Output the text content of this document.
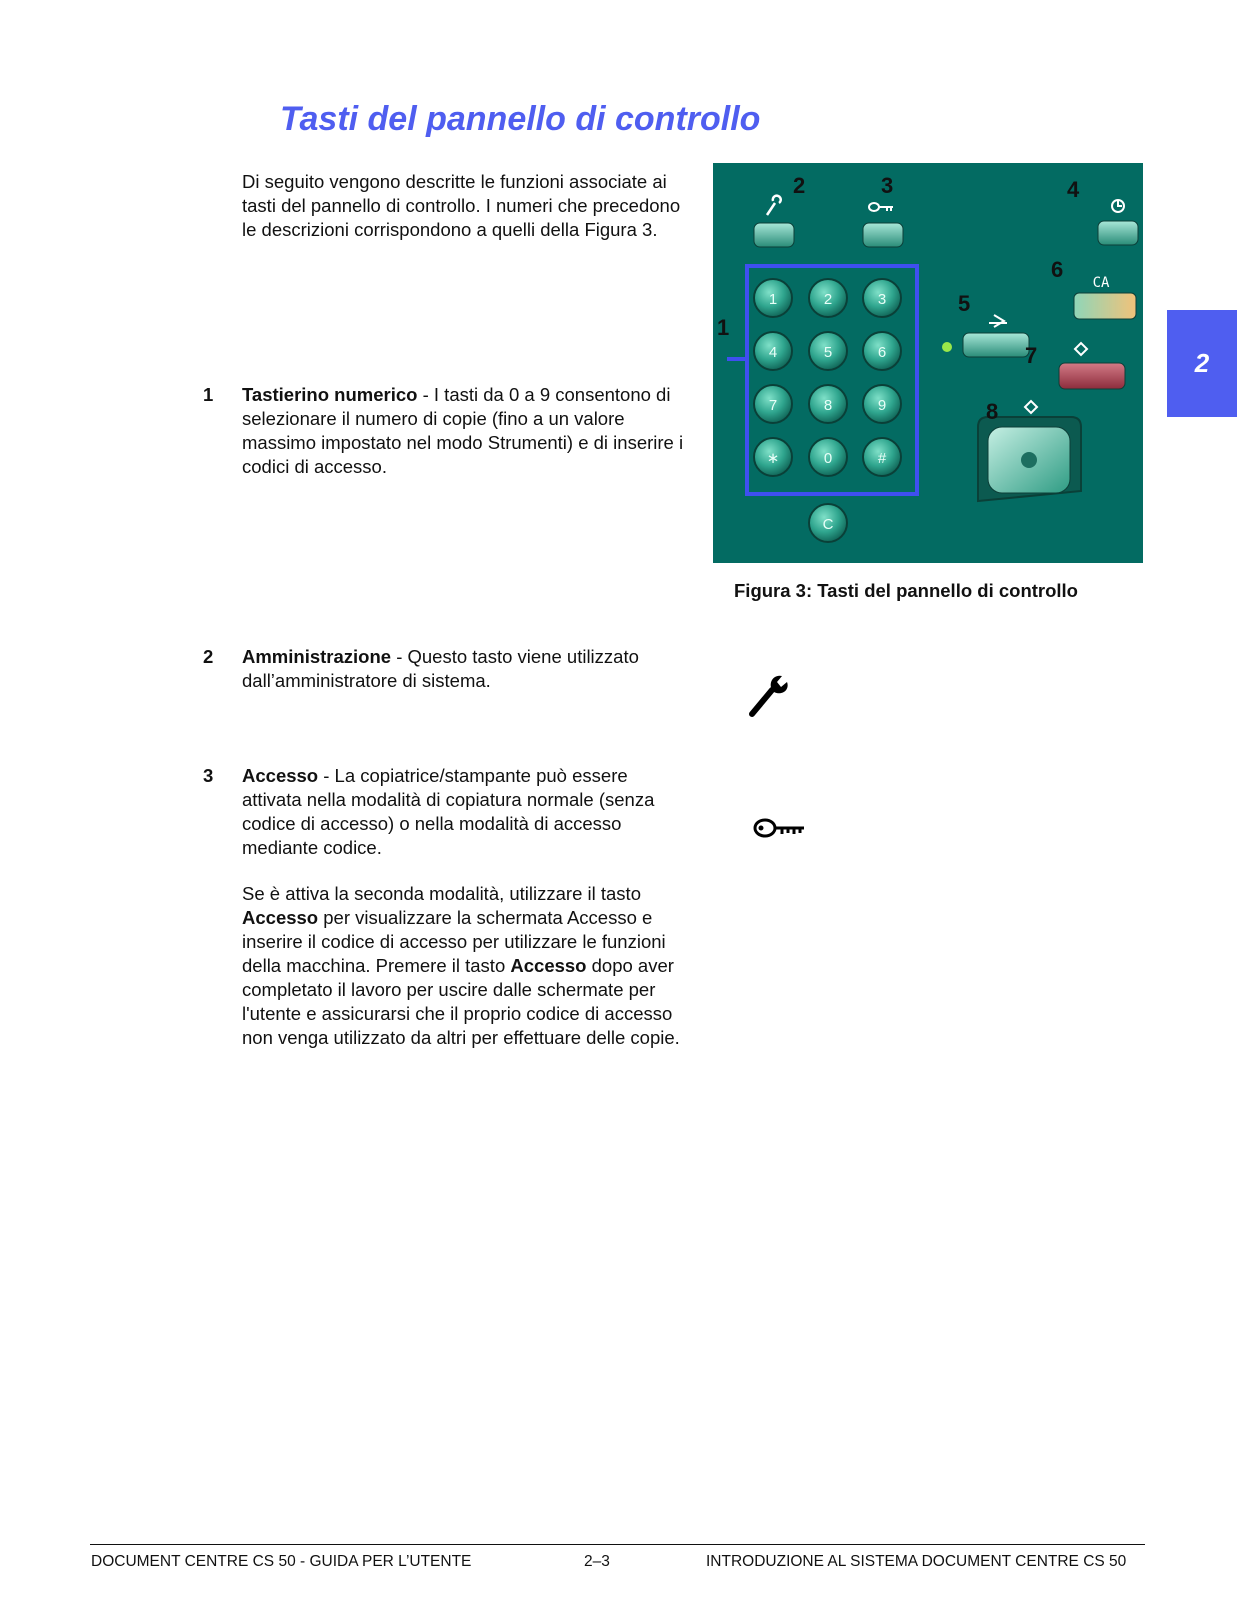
Tasti del pannello di controllo
Di seguito vengono descritte le funzioni associate ai tasti del pannello di controllo. I numeri che precedono le descrizioni corrispondono a quelli della Figura 3.
1 Tastierino numerico - I tasti da 0 a 9 consentono di selezionare il numero di copie (fino a un valore massimo impostato nel modo Strumenti) e di inserire i codici di accesso.
2 Amministrazione - Questo tasto viene utilizzato dall’amministratore di sistema.
3 Accesso - La copiatrice/stampante può essere attivata nella modalità di copiatura normale (senza codice di accesso) o nella modalità di accesso mediante codice.
Se è attiva la seconda modalità, utilizzare il tasto Accesso per visualizzare la schermata Accesso e inserire il codice di accesso per utilizzare le funzioni della macchina. Premere il tasto Accesso dopo aver completato il lavoro per uscire dalle schermate per l'utente e assicurarsi che il proprio codice di accesso non venga utilizzato da altri per effettuare delle copie.
1	2	3
4	5	6
7	8	9
∗	0	#
C
CA
1
2	3	4
5
6
7
8
Figura 3: Tasti del pannello di controllo
2
DOCUMENT CENTRE CS 50 - GUIDA PER L’UTENTE	2–3	INTRODUZIONE AL SISTEMA DOCUMENT CENTRE CS 50
